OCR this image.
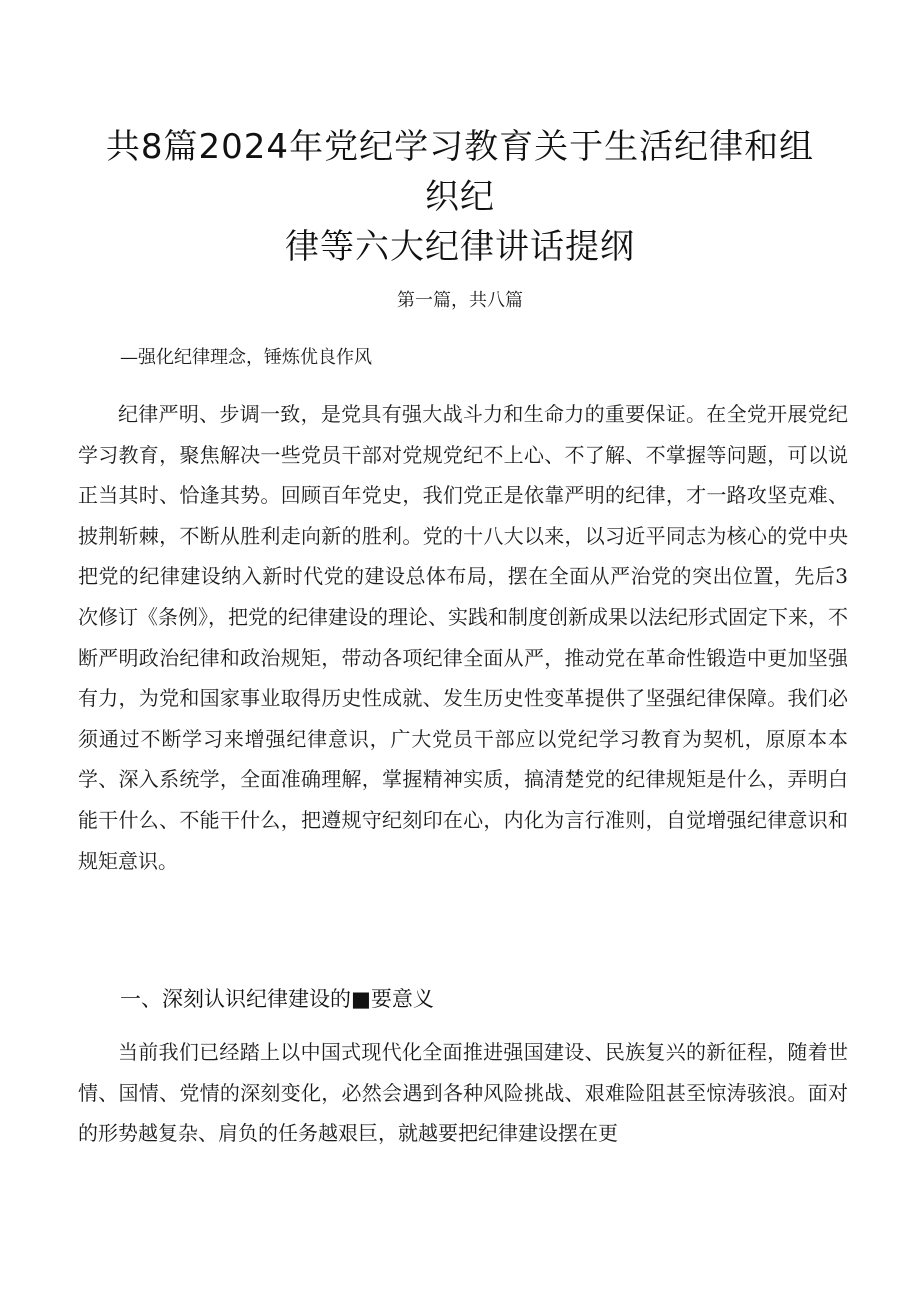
共8篇2024年党纪学习教育关于生活纪律和组织纪
律等六大纪律讲话提纲
第一篇，共八篇
—强化纪律理念，锤炼优良作风

纪律严明、步调一致，是党具有强大战斗力和生命力的重要保证。在全党开展党纪学习教育，聚焦解决一些党员干部对党规党纪不上心、不了解、不掌握等问题，可以说正当其时、恰逢其势。回顾百年党史，我们党正是依靠严明的纪律，才一路攻坚克难、披荆斩棘，不断从胜利走向新的胜利。党的十八大以来，以习近平同志为核心的党中央把党的纪律建设纳入新时代党的建设总体布局，摆在全面从严治党的突出位置，先后3次修订《条例》，把党的纪律建设的理论、实践和制度创新成果以法纪形式固定下来，不断严明政治纪律和政治规矩，带动各项纪律全面从严，推动党在革命性锻造中更加坚强有力，为党和国家事业取得历史性成就、发生历史性变革提供了坚强纪律保障。我们必须通过不断学习来增强纪律意识，广大党员干部应以党纪学习教育为契机，原原本本学、深入系统学，全面准确理解，掌握精神实质，搞清楚党的纪律规矩是什么，弄明白能干什么、不能干什么，把遵规守纪刻印在心，内化为言行准则，自觉增强纪律意识和规矩意识。

一、深刻认识纪律建设的■要意义

当前我们已经踏上以中国式现代化全面推进强国建设、民族复兴的新征程，随着世情、国情、党情的深刻变化，必然会遇到各种风险挑战、艰难险阻甚至惊涛骇浪。面对的形势越复杂、肩负的任务越艰巨，就越要把纪律建设摆在更
